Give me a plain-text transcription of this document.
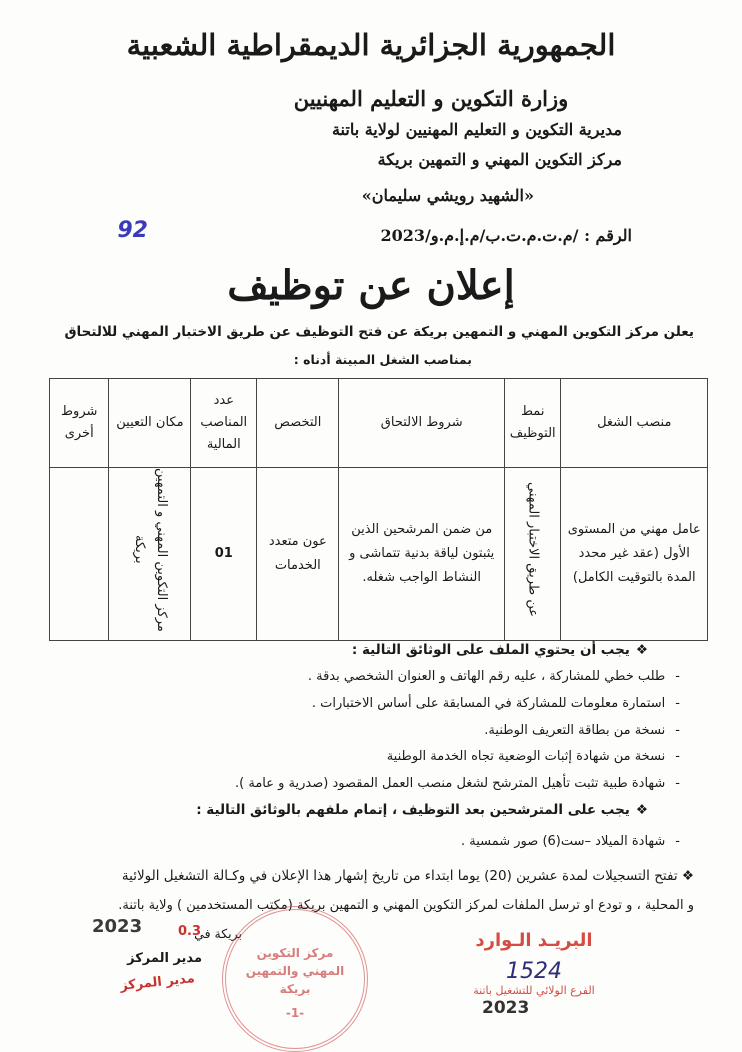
الجمهورية الجزائرية الديمقراطية الشعبية
وزارة التكوين و التعليم المهنيين
مديرية التكوين و التعليم المهنيين لولاية باتنة
مركز التكوين المهني و التمهين بريكة
«الشهيد رويشي سليمان»
الرقم : /م.ت.م.ت.ب/م.إ.م.و/2023
92
إعلان عن توظيف
يعلن مركز التكوين المهني و التمهين بريكة عن فتح التوظيف عن طريق الاختبار المهني للالتحاق
بمناصب الشغل المبينة أدناه :
منصب الشغل	نمط التوظيف	شروط الالتحاق	التخصص	عدد المناصب المالية	مكان التعيين	شروط أخرى
عامل مهني من المستوى الأول (عقد غير محدد المدة بالتوقيت الكامل)	عن طريق الاختبار المهني	من ضمن المرشحين الذين يثبتون لياقة بدنية تتماشى و النشاط الواجب شغله.	عون متعدد الخدمات	01	مركز التكوين المهني و التمهين بريكة	
❖يجب أن يحتوي الملف على الوثائق التالية :
-طلب خطي للمشاركة ، عليه رقم الهاتف و العنوان الشخصي بدقة .
-استمارة معلومات للمشاركة في المسابقة على أساس الاختبارات .
-نسخة من بطاقة التعريف الوطنية.
-نسخة من شهادة إثبات الوضعية تجاه الخدمة الوطنية
-شهادة طبية تثبت تأهيل المترشح لشغل منصب العمل المقصود (صدرية و عامة ).
❖يجب على المترشحين بعد التوظيف ، إتمام ملفهم بالوثائق التالية :
-شهادة الميلاد –ست(6) صور شمسية .
❖ تفتح التسجيلات لمدة عشرين (20) يوما ابتداء من تاريخ إشهار هذا الإعلان في وكـالة التشغيل الولائية
و المحلية ، و تودع او ترسل الملفات لمركز التكوين المهني و التمهين بريكة (مكتب المستخدمين ) ولاية باتنة.
بريكة في
مدير المركز
2023	0.3
مركز التكوين المهني والتمهين بريكة
-1-
مدير المركز
البريـد الـوارد
1524
الفرع الولائي للتشغيل باتنة
2023
